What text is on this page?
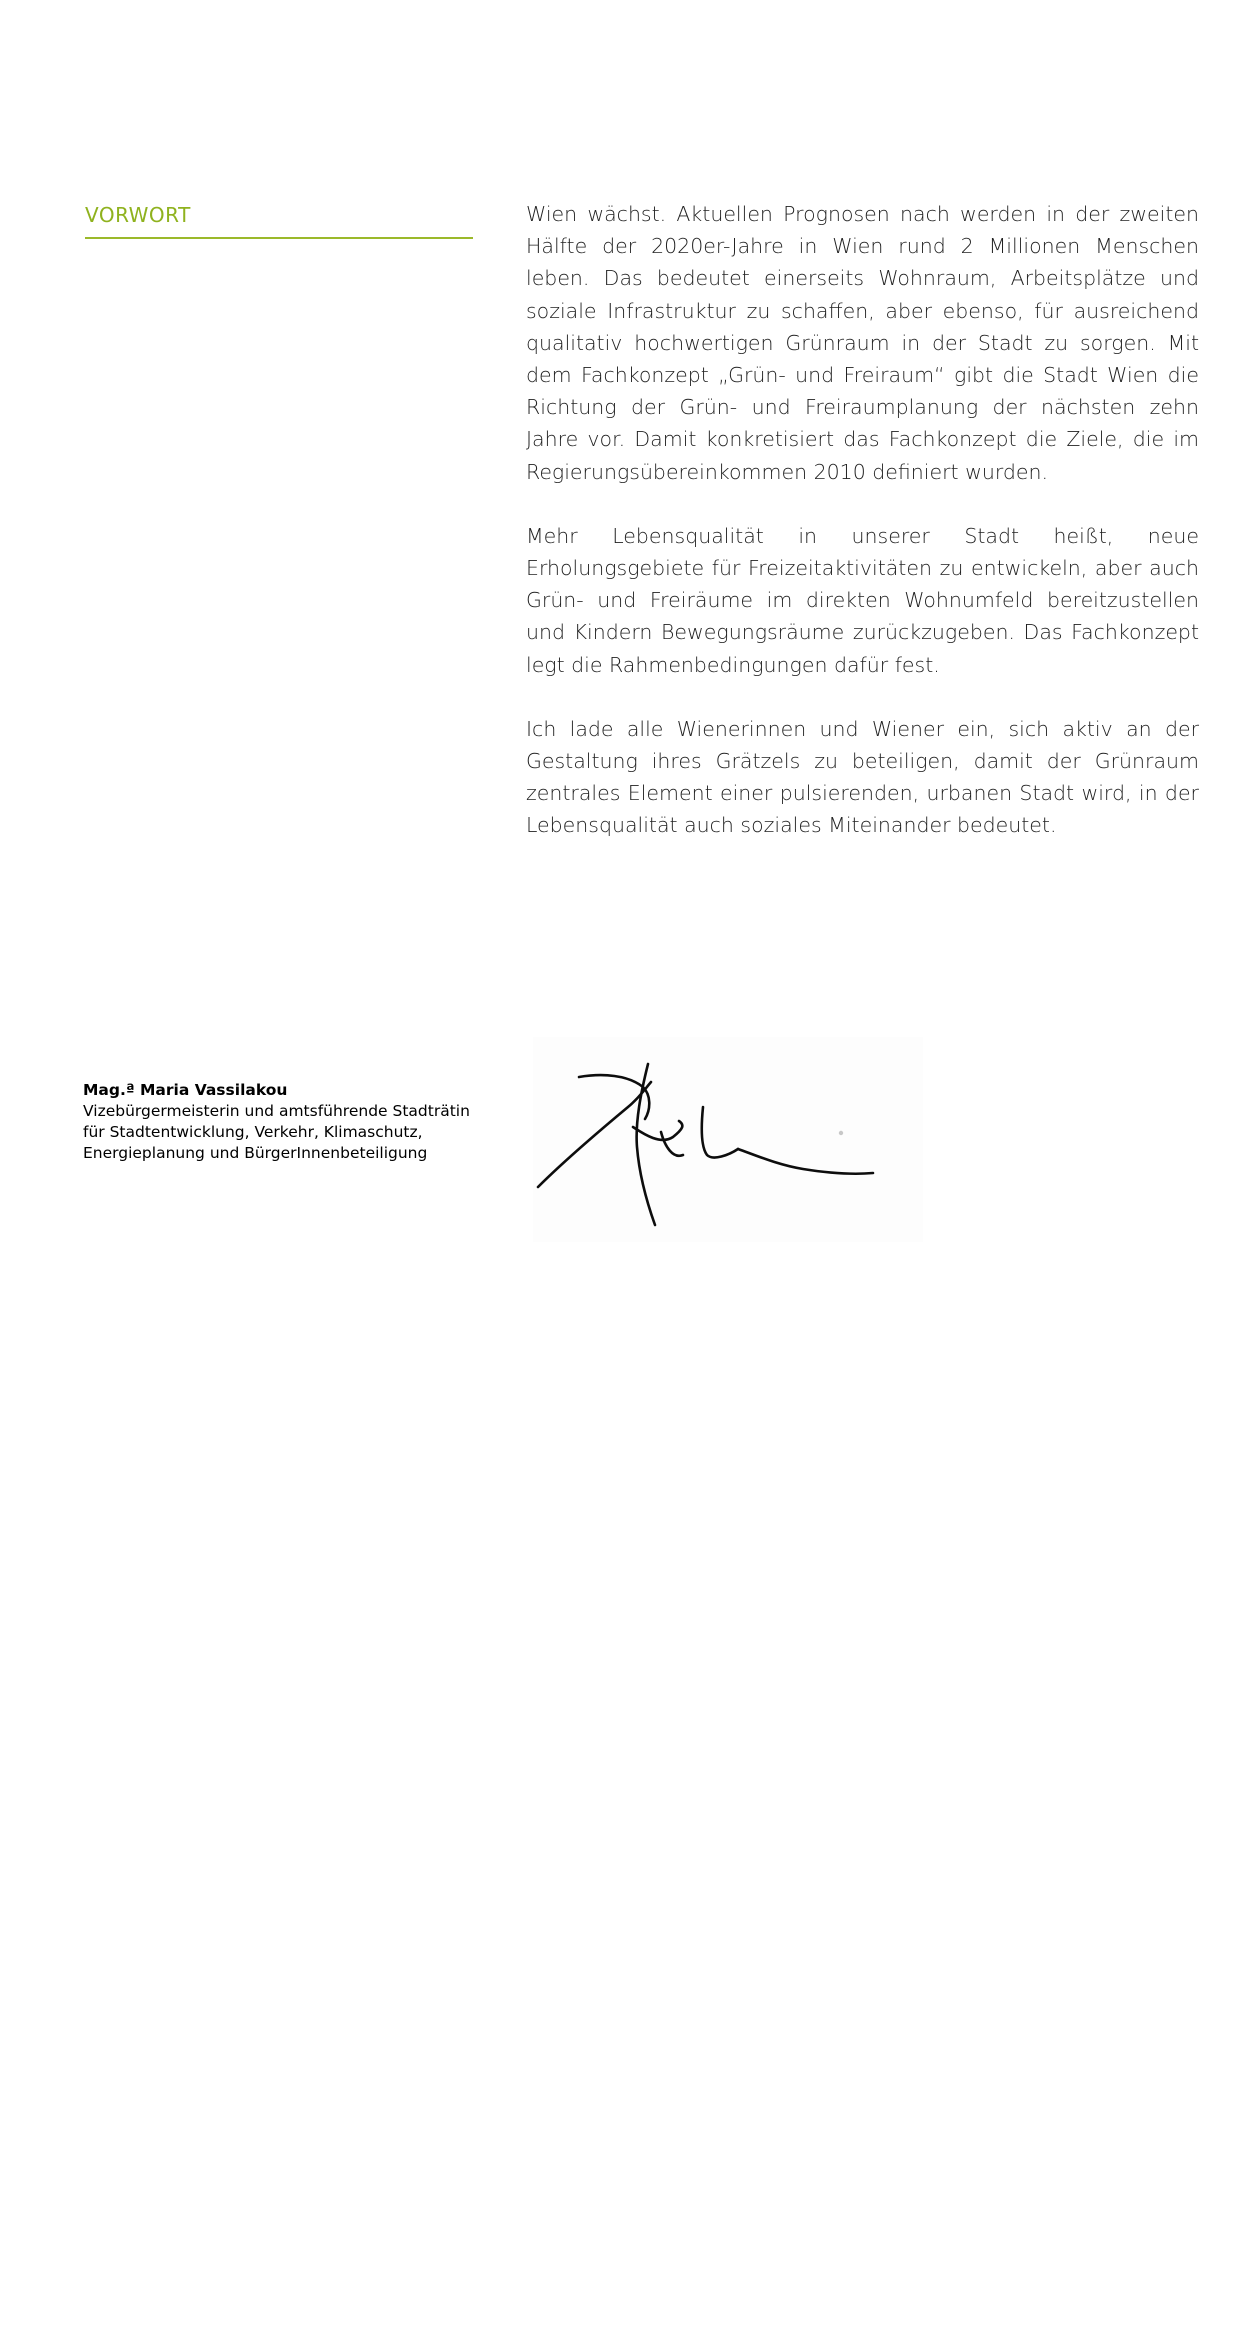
VORWORT	Wien wächst. Aktuellen Prognosen nach werden in der zweiten Hälfte der 2020er-Jahre in Wien rund 2 Millionen Menschen leben. Das bedeutet einerseits Wohnraum, Arbeitsplätze und soziale Infrastruktur zu schaffen, aber ebenso, für ausreichend qualitativ hochwertigen Grünraum in der Stadt zu sorgen. Mit dem Fachkonzept „Grün- und Freiraum“ gibt die Stadt Wien die Richtung der Grün- und Freiraumplanung der nächsten zehn Jahre vor. Damit konkretisiert das Fachkonzept die Ziele, die im Regierungsübereinkommen 2010 definiert wurden.

Mehr Lebensqualität in unserer Stadt heißt, neue Erholungsgebiete für Freizeitaktivitäten zu entwickeln, aber auch Grün- und Freiräume im direkten Wohnumfeld bereitzustellen und Kindern Bewegungsräume zurückzugeben. Das Fachkonzept legt die Rahmenbedingungen dafür fest.

Ich lade alle Wienerinnen und Wiener ein, sich aktiv an der Gestaltung ihres Grätzels zu beteiligen, damit der Grünraum zentrales Element einer pulsierenden, urbanen Stadt wird, in der Lebensqualität auch soziales Miteinander bedeutet.

Mag.ª Maria Vassilakou
Vizebürgermeisterin und amtsführende Stadträtin
für Stadtentwicklung, Verkehr, Klimaschutz,
Energieplanung und BürgerInnenbeteiligung
